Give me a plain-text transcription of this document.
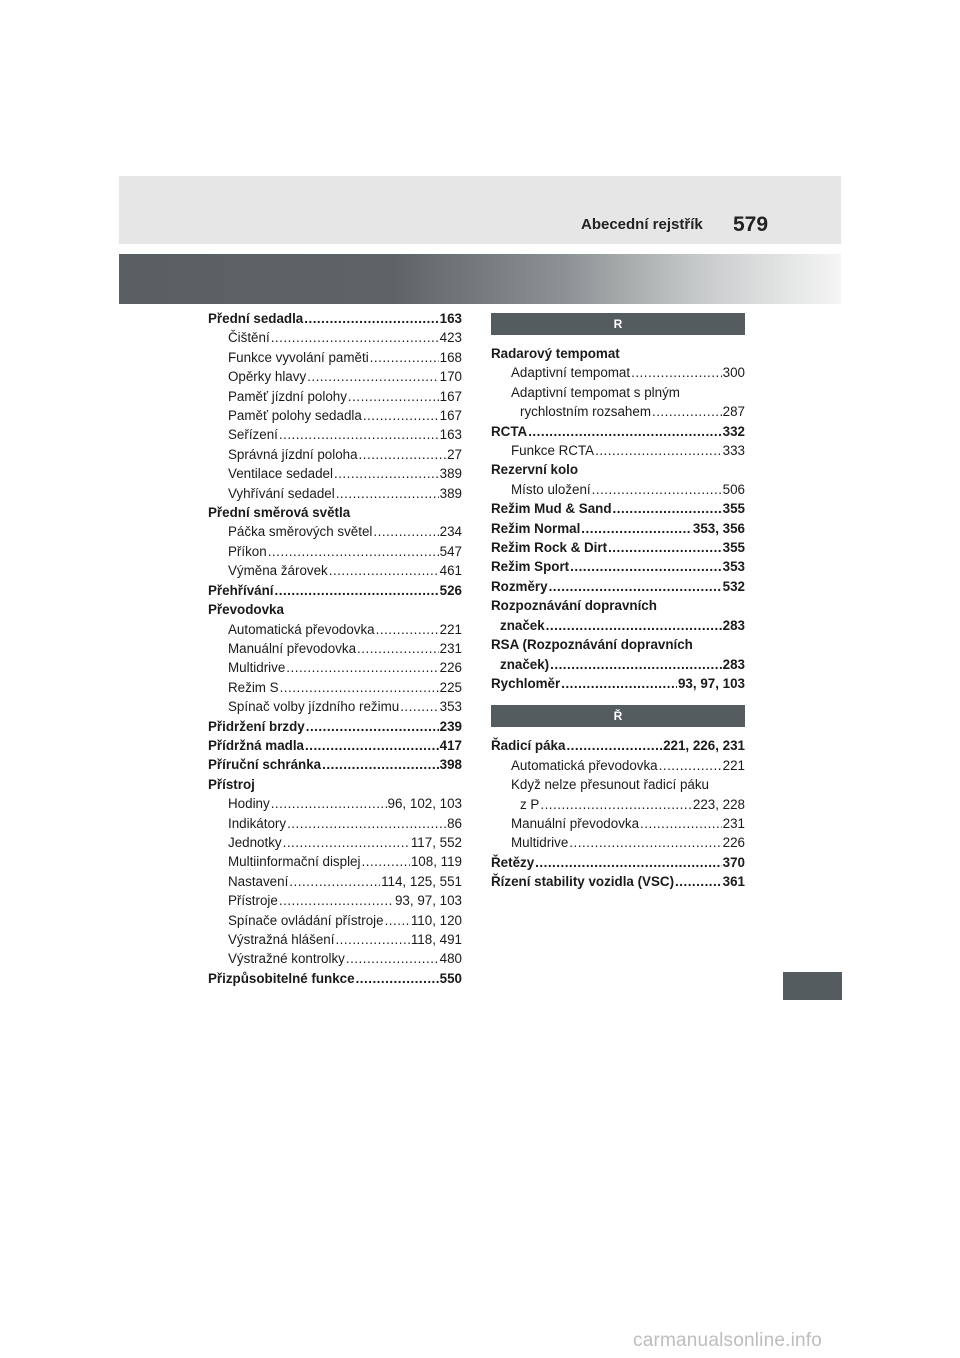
Abecední rejstřík 579
Přední sedadla .....	163
Čištění .....	423
Funkce vyvolání paměti .....	168
Opěrky hlavy .....	170
Paměť jízdní polohy .....	167
Paměť polohy sedadla .....	167
Seřízení .....	163
Správná jízdní poloha .....	27
Ventilace sedadel .....	389
Vyhřívání sedadel .....	389
Přední směrová světla
Páčka směrových světel .....	234
Příkon .....	547
Výměna žárovek .....	461
Přehřívání .....	526
Převodovka
Automatická převodovka .....	221
Manuální převodovka .....	231
Multidrive .....	226
Režim S .....	225
Spínač volby jízdního režimu .....	353
Přidržení brzdy .....	239
Přídržná madla .....	417
Příruční schránka .....	398
Přístroj
Hodiny .....	96, 102, 103
Indikátory .....	86
Jednotky .....	117, 552
Multiinformační displej .....	108, 119
Nastavení .....	114, 125, 551
Přístroje .....	93, 97, 103
Spínače ovládání přístroje ..... 110, 120
Výstražná hlášení .....	118, 491
Výstražné kontrolky .....	480
Přizpůsobitelné funkce .....	550
R
Radarový tempomat
Adaptivní tempomat .....	300
Adaptivní tempomat s plným
rychlostním rozsahem .....	287
RCTA .....	332
Funkce RCTA .....	333
Rezervní kolo
Místo uložení .....	506
Režim Mud & Sand .....	355
Režim Normal .....	353, 356
Režim Rock & Dirt .....	355
Režim Sport .....	353
Rozměry .....	532
Rozpoznávání dopravních
značek .....	283
RSA (Rozpoznávání dopravních
značek) .....	283
Rychloměr .....	93, 97, 103
Ř
Řadicí páka .....	221, 226, 231
Automatická převodovka .....	221
Když nelze přesunout řadicí páku
z P .....	223, 228
Manuální převodovka .....	231
Multidrive .....	226
Řetězy .....	370
Řízení stability vozidla (VSC) .....	361
carmanualsonline.info
